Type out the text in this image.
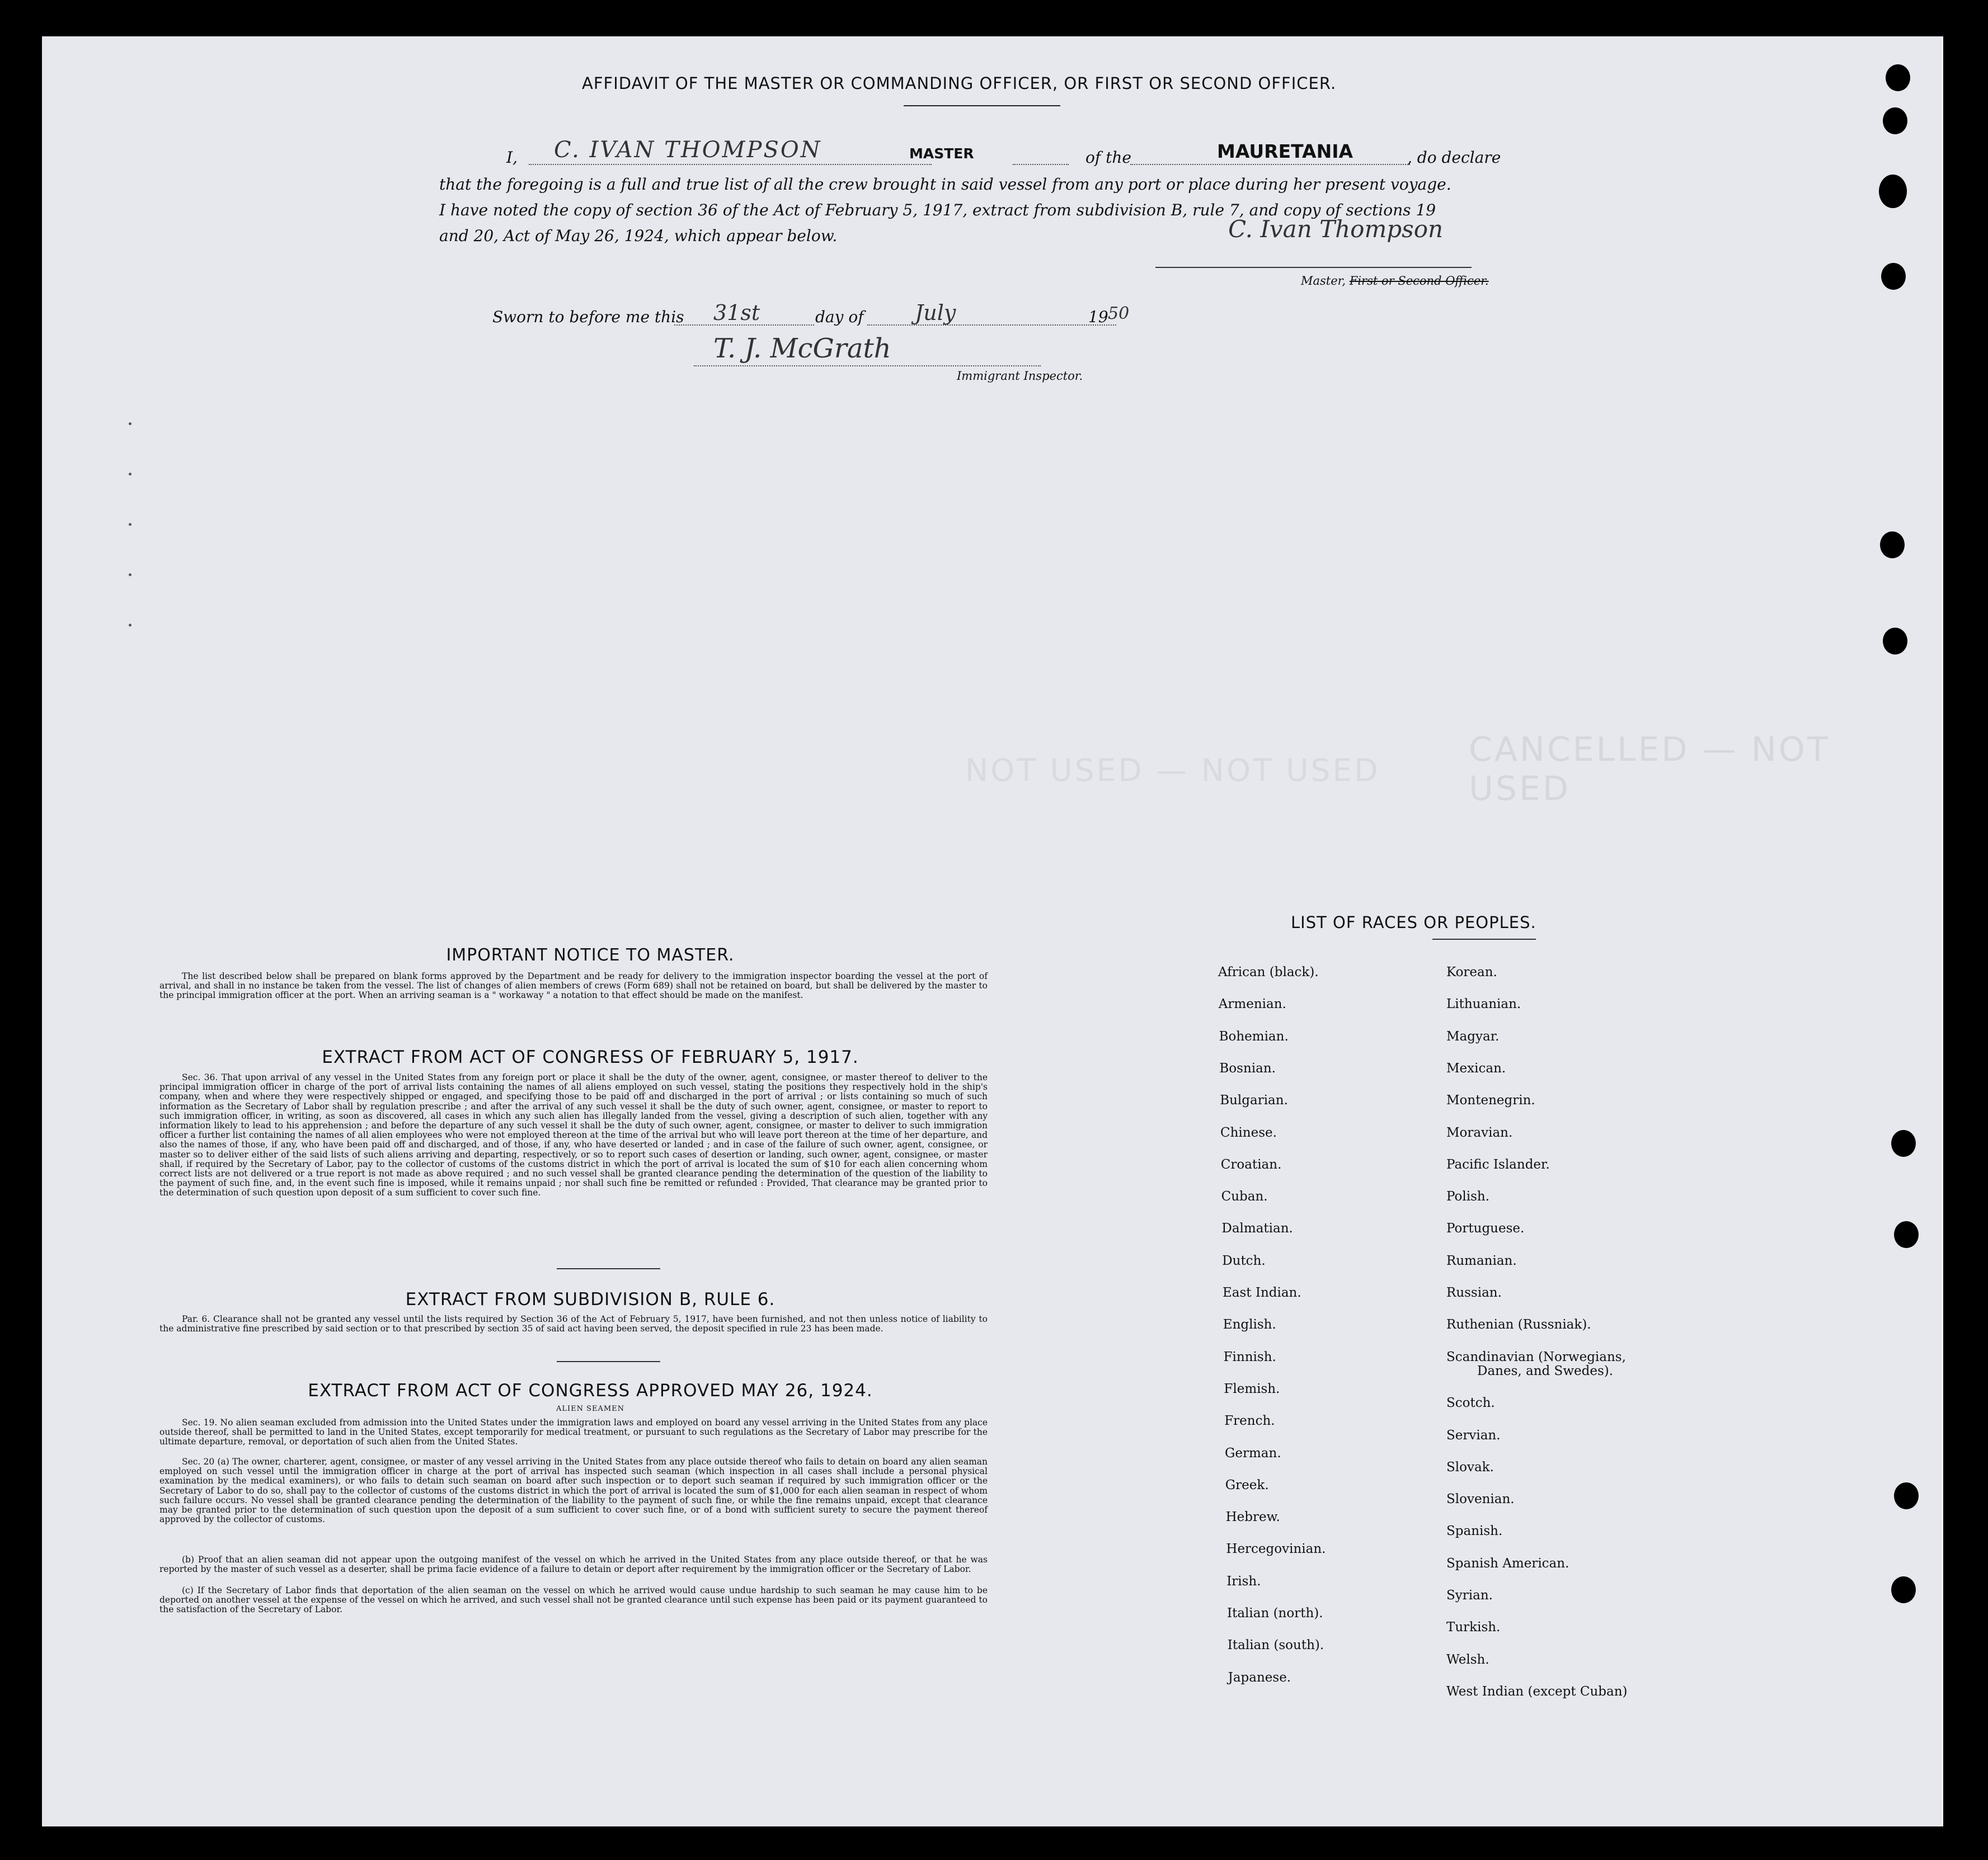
AFFIDAVIT OF THE MASTER OR COMMANDING OFFICER, OR FIRST OR SECOND OFFICER.
I, C. IVAN THOMPSON	MASTER	of the	MAURETANIA	, do declare
that the foregoing is a full and true list of all the crew brought in said vessel from any port or place during her present voyage.
I have noted the copy of section 36 of the Act of February 5, 1917, extract from subdivision B, rule 7, and copy of sections 19
and 20, Act of May 26, 1924, which appear below.	C. Ivan Thompson
Master, First or Second Officer.
Sworn to before me this 31st	day of July	19 50
T. J. McGrath
Immigrant Inspector.
CANCELLED — NOT USED
NOT USED — NOT USED
IMPORTANT NOTICE TO MASTER.
The list described below shall be prepared on blank forms approved by the Department and be ready for delivery to the immigration inspector boarding the vessel at the port of arrival, and shall in no instance be taken from the vessel. The list of changes of alien members of crews (Form 689) shall not be retained on board, but shall be delivered by the master to the principal immigration officer at the port. When an arriving seaman is a " workaway " a notation to that effect should be made on the manifest.
EXTRACT FROM ACT OF CONGRESS OF FEBRUARY 5, 1917.
Sec. 36. That upon arrival of any vessel in the United States from any foreign port or place it shall be the duty of the owner, agent, consignee, or master thereof to deliver to the principal immigration officer in charge of the port of arrival lists containing the names of all aliens employed on such vessel, stating the positions they respectively hold in the ship's company, when and where they were respectively shipped or engaged, and specifying those to be paid off and discharged in the port of arrival ; or lists containing so much of such information as the Secretary of Labor shall by regulation prescribe ; and after the arrival of any such vessel it shall be the duty of such owner, agent, consignee, or master to report to such immigration officer, in writing, as soon as discovered, all cases in which any such alien has illegally landed from the vessel, giving a description of such alien, together with any information likely to lead to his apprehension ; and before the departure of any such vessel it shall be the duty of such owner, agent, consignee, or master to deliver to such immigration officer a further list containing the names of all alien employees who were not employed thereon at the time of the arrival but who will leave port thereon at the time of her departure, and also the names of those, if any, who have been paid off and discharged, and of those, if any, who have deserted or landed ; and in case of the failure of such owner, agent, consignee, or master so to deliver either of the said lists of such aliens arriving and departing, respectively, or so to report such cases of desertion or landing, such owner, agent, consignee, or master shall, if required by the Secretary of Labor, pay to the collector of customs of the customs district in which the port of arrival is located the sum of $10 for each alien concerning whom correct lists are not delivered or a true report is not made as above required ; and no such vessel shall be granted clearance pending the determination of the question of the liability to the payment of such fine, and, in the event such fine is imposed, while it remains unpaid ; nor shall such fine be remitted or refunded : Provided, That clearance may be granted prior to the determination of such question upon deposit of a sum sufficient to cover such fine.
EXTRACT FROM SUBDIVISION B, RULE 6.
Par. 6. Clearance shall not be granted any vessel until the lists required by Section 36 of the Act of February 5, 1917, have been furnished, and not then unless notice of liability to the administrative fine prescribed by said section or to that prescribed by section 35 of said act having been served, the deposit specified in rule 23 has been made.
EXTRACT FROM ACT OF CONGRESS APPROVED MAY 26, 1924.
ALIEN SEAMEN
Sec. 19. No alien seaman excluded from admission into the United States under the immigration laws and employed on board any vessel arriving in the United States from any place outside thereof, shall be permitted to land in the United States, except temporarily for medical treatment, or pursuant to such regulations as the Secretary of Labor may prescribe for the ultimate departure, removal, or deportation of such alien from the United States.
Sec. 20 (a) The owner, charterer, agent, consignee, or master of any vessel arriving in the United States from any place outside thereof who fails to detain on board any alien seaman employed on such vessel until the immigration officer in charge at the port of arrival has inspected such seaman (which inspection in all cases shall include a personal physical examination by the medical examiners), or who fails to detain such seaman on board after such inspection or to deport such seaman if required by such immigration officer or the Secretary of Labor to do so, shall pay to the collector of customs of the customs district in which the port of arrival is located the sum of $1,000 for each alien seaman in respect of whom such failure occurs. No vessel shall be granted clearance pending the determination of the liability to the payment of such fine, or while the fine remains unpaid, except that clearance may be granted prior to the determination of such question upon the deposit of a sum sufficient to cover such fine, or of a bond with sufficient surety to secure the payment thereof approved by the collector of customs.
(b) Proof that an alien seaman did not appear upon the outgoing manifest of the vessel on which he arrived in the United States from any place outside thereof, or that he was reported by the master of such vessel as a deserter, shall be prima facie evidence of a failure to detain or deport after requirement by the immigration officer or the Secretary of Labor.
(c) If the Secretary of Labor finds that deportation of the alien seaman on the vessel on which he arrived would cause undue hardship to such seaman he may cause him to be deported on another vessel at the expense of the vessel on which he arrived, and such vessel shall not be granted clearance until such expense has been paid or its payment guaranteed to the satisfaction of the Secretary of Labor.
LIST OF RACES OR PEOPLES.
African (black).
Armenian.
Bohemian.
Bosnian.
Bulgarian.
Chinese.
Croatian.
Cuban.
Dalmatian.
Dutch.
East Indian.
English.
Finnish.
Flemish.
French.
German.
Greek.
Hebrew.
Hercegovinian.
Irish.
Italian (north).
Italian (south).
Japanese.
Korean.
Lithuanian.
Magyar.
Mexican.
Montenegrin.
Moravian.
Pacific Islander.
Polish.
Portuguese.
Rumanian.
Russian.
Ruthenian (Russniak).
Scandinavian (Norwegians,
Danes, and Swedes).
Scotch.
Servian.
Slovak.
Slovenian.
Spanish.
Spanish American.
Syrian.
Turkish.
Welsh.
West Indian (except Cuban)
